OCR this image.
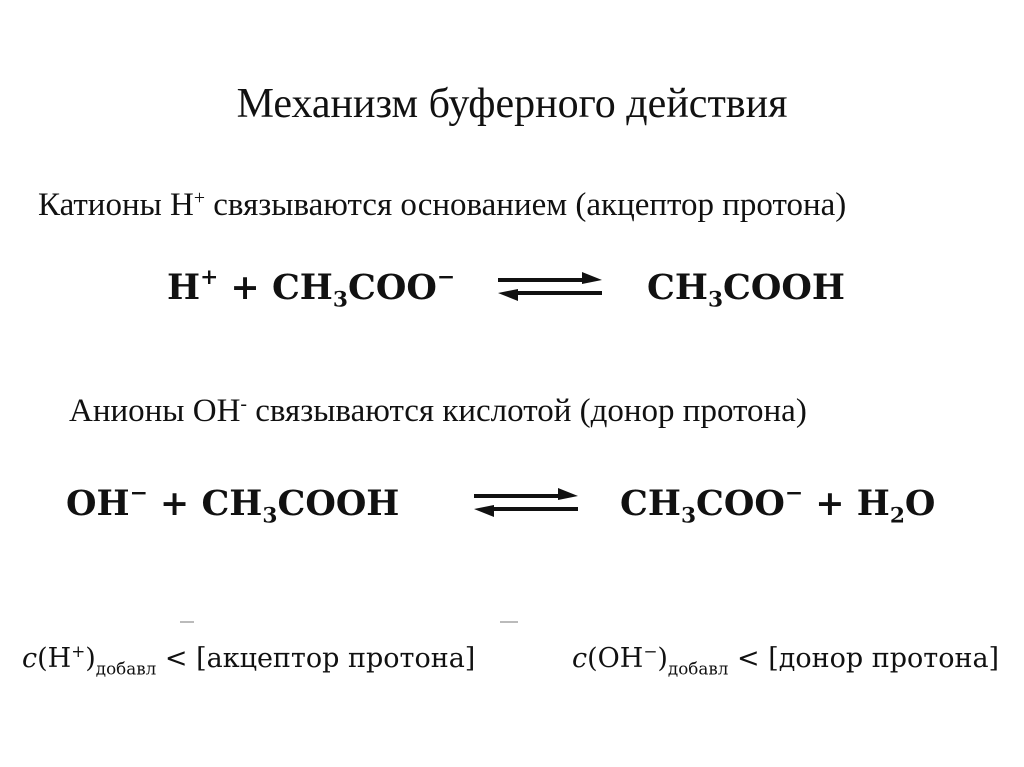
Механизм буферного действия
Катионы H+ связываются основанием (акцептор протона)
$H^+ + CH_3COO^-$	$CH_3COOH$
Анионы OH- связываются кислотой (донор протона)
$OH^- + CH_3COOH$	$CH_3COO^- + H_2O$
$c(H^+)_{добавл}$ < [акцептор протона]	$c(OH^-)_{добавл}$ < [донор протона]
